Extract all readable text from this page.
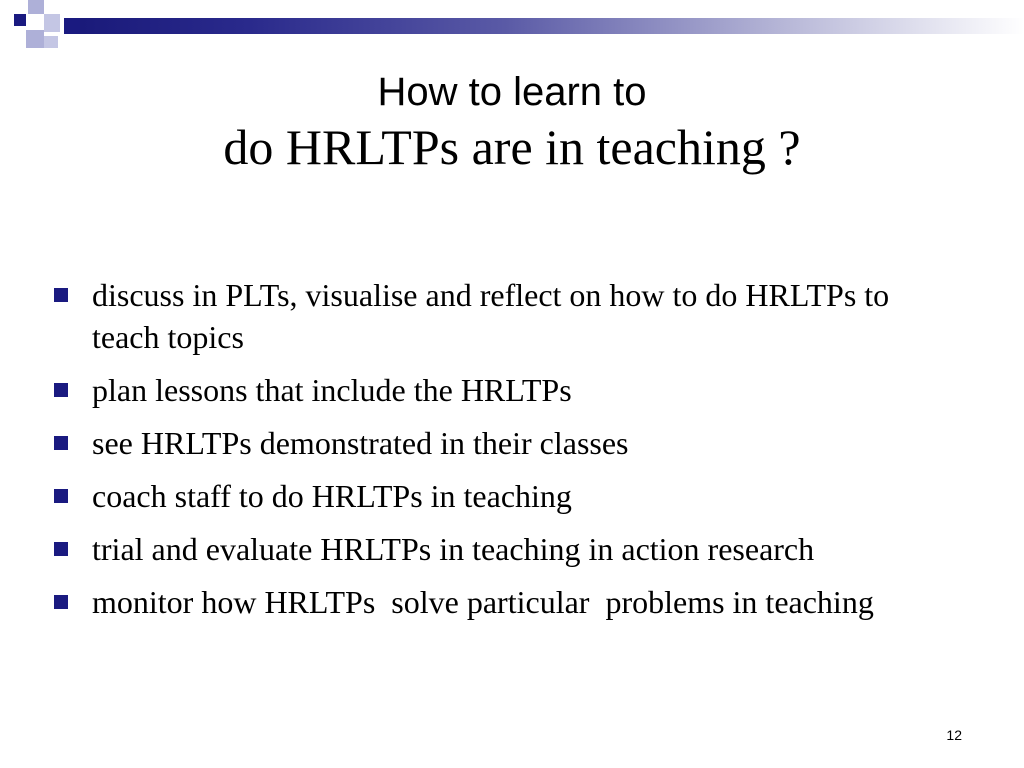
How to learn to
do HRLTPs are in teaching ?
discuss in PLTs, visualise and reflect on how to do HRLTPs to teach topics
plan lessons that include the HRLTPs
see HRLTPs demonstrated in their classes
coach staff to do HRLTPs in teaching
trial and evaluate HRLTPs in teaching in action research
monitor how HRLTPs  solve particular  problems in teaching
12
